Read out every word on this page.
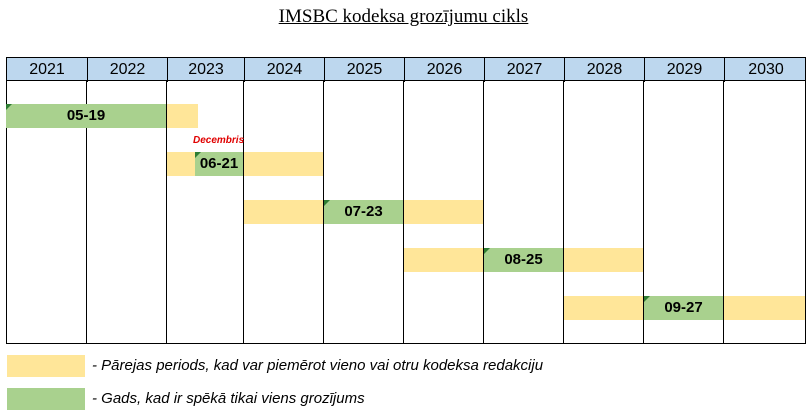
IMSBC kodeksa grozījumu cikls
2021	2022	2023	2024	2025	2026	2027	2028	2029	2030
05-19
06-21
07-23
08-25
09-27
Decembris
- Pārejas periods, kad var piemērot vieno vai otru kodeksa redakciju
- Gads, kad ir spēkā tikai viens grozījums
